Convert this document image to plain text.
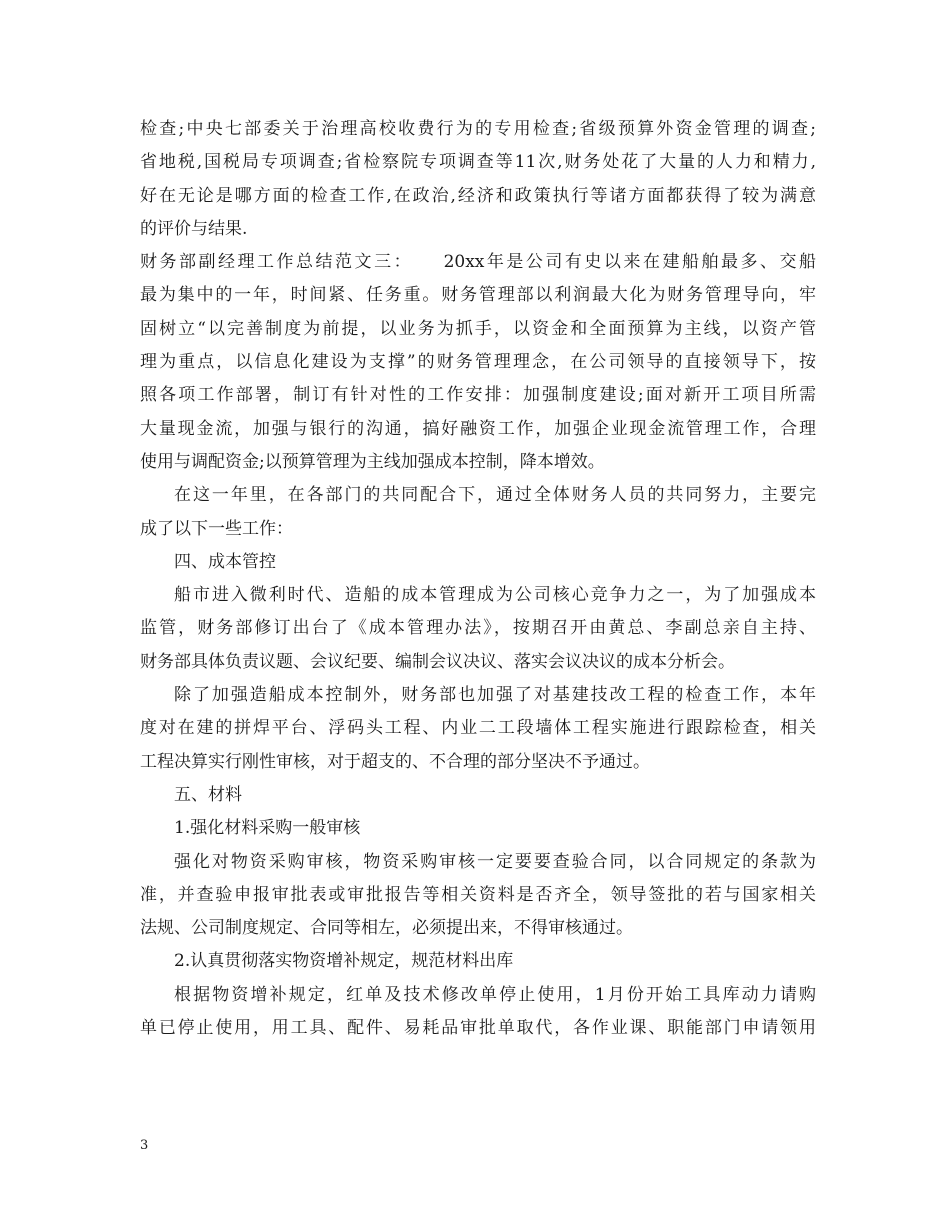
检查;中央七部委关于治理高校收费行为的专用检查;省级预算外资金管理的调查;
省地税,国税局专项调查;省检察院专项调查等11次,财务处花了大量的人力和精力,
好在无论是哪方面的检查工作,在政治,经济和政策执行等诸方面都获得了较为满意
的评价与结果.
财务部副经理工作总结范文三：　　20xx年是公司有史以来在建船舶最多、交船
最为集中的一年，时间紧、任务重。财务管理部以利润最大化为财务管理导向，牢
固树立“以完善制度为前提，以业务为抓手，以资金和全面预算为主线，以资产管
理为重点，以信息化建设为支撑”的财务管理理念，在公司领导的直接领导下，按
照各项工作部署，制订有针对性的工作安排：加强制度建设;面对新开工项目所需
大量现金流，加强与银行的沟通，搞好融资工作，加强企业现金流管理工作，合理
使用与调配资金;以预算管理为主线加强成本控制，降本增效。
在这一年里，在各部门的共同配合下，通过全体财务人员的共同努力，主要完
成了以下一些工作：
四、成本管控
船市进入微利时代、造船的成本管理成为公司核心竞争力之一，为了加强成本
监管，财务部修订出台了《成本管理办法》，按期召开由黄总、李副总亲自主持、
财务部具体负责议题、会议纪要、编制会议决议、落实会议决议的成本分析会。
除了加强造船成本控制外，财务部也加强了对基建技改工程的检查工作，本年
度对在建的拼焊平台、浮码头工程、内业二工段墙体工程实施进行跟踪检查，相关
工程决算实行刚性审核，对于超支的、不合理的部分坚决不予通过。
五、材料
1.强化材料采购一般审核
强化对物资采购审核，物资采购审核一定要要查验合同，以合同规定的条款为
准，并查验申报审批表或审批报告等相关资料是否齐全，领导签批的若与国家相关
法规、公司制度规定、合同等相左，必须提出来，不得审核通过。
2.认真贯彻落实物资增补规定，规范材料出库
根据物资增补规定，红单及技术修改单停止使用，1月份开始工具库动力请购
单已停止使用，用工具、配件、易耗品审批单取代，各作业课、职能部门申请领用
3
